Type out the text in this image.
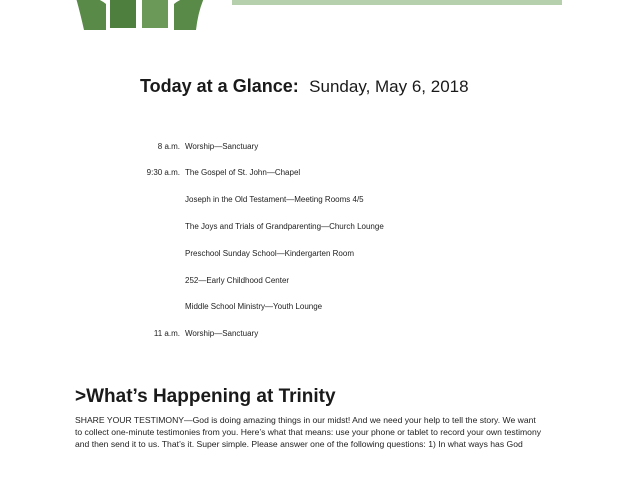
Today at a Glance: Sunday, May 6, 2018
8 a.m. Worship—Sanctuary
9:30 a.m. The Gospel of St. John—Chapel
Joseph in the Old Testament—Meeting Rooms 4/5
The Joys and Trials of Grandparenting—Church Lounge
Preschool Sunday School—Kindergarten Room
252—Early Childhood Center
Middle School Ministry—Youth Lounge
11 a.m. Worship—Sanctuary
>What’s Happening at Trinity
SHARE YOUR TESTIMONY—God is doing amazing things in our midst! And we need your help to tell the story. We want to collect one-minute testimonies from you. Here’s what that means: use your phone or tablet to record your own testimony and then send it to us. That’s it. Super simple. Please answer one of the following questions: 1) In what ways has God
